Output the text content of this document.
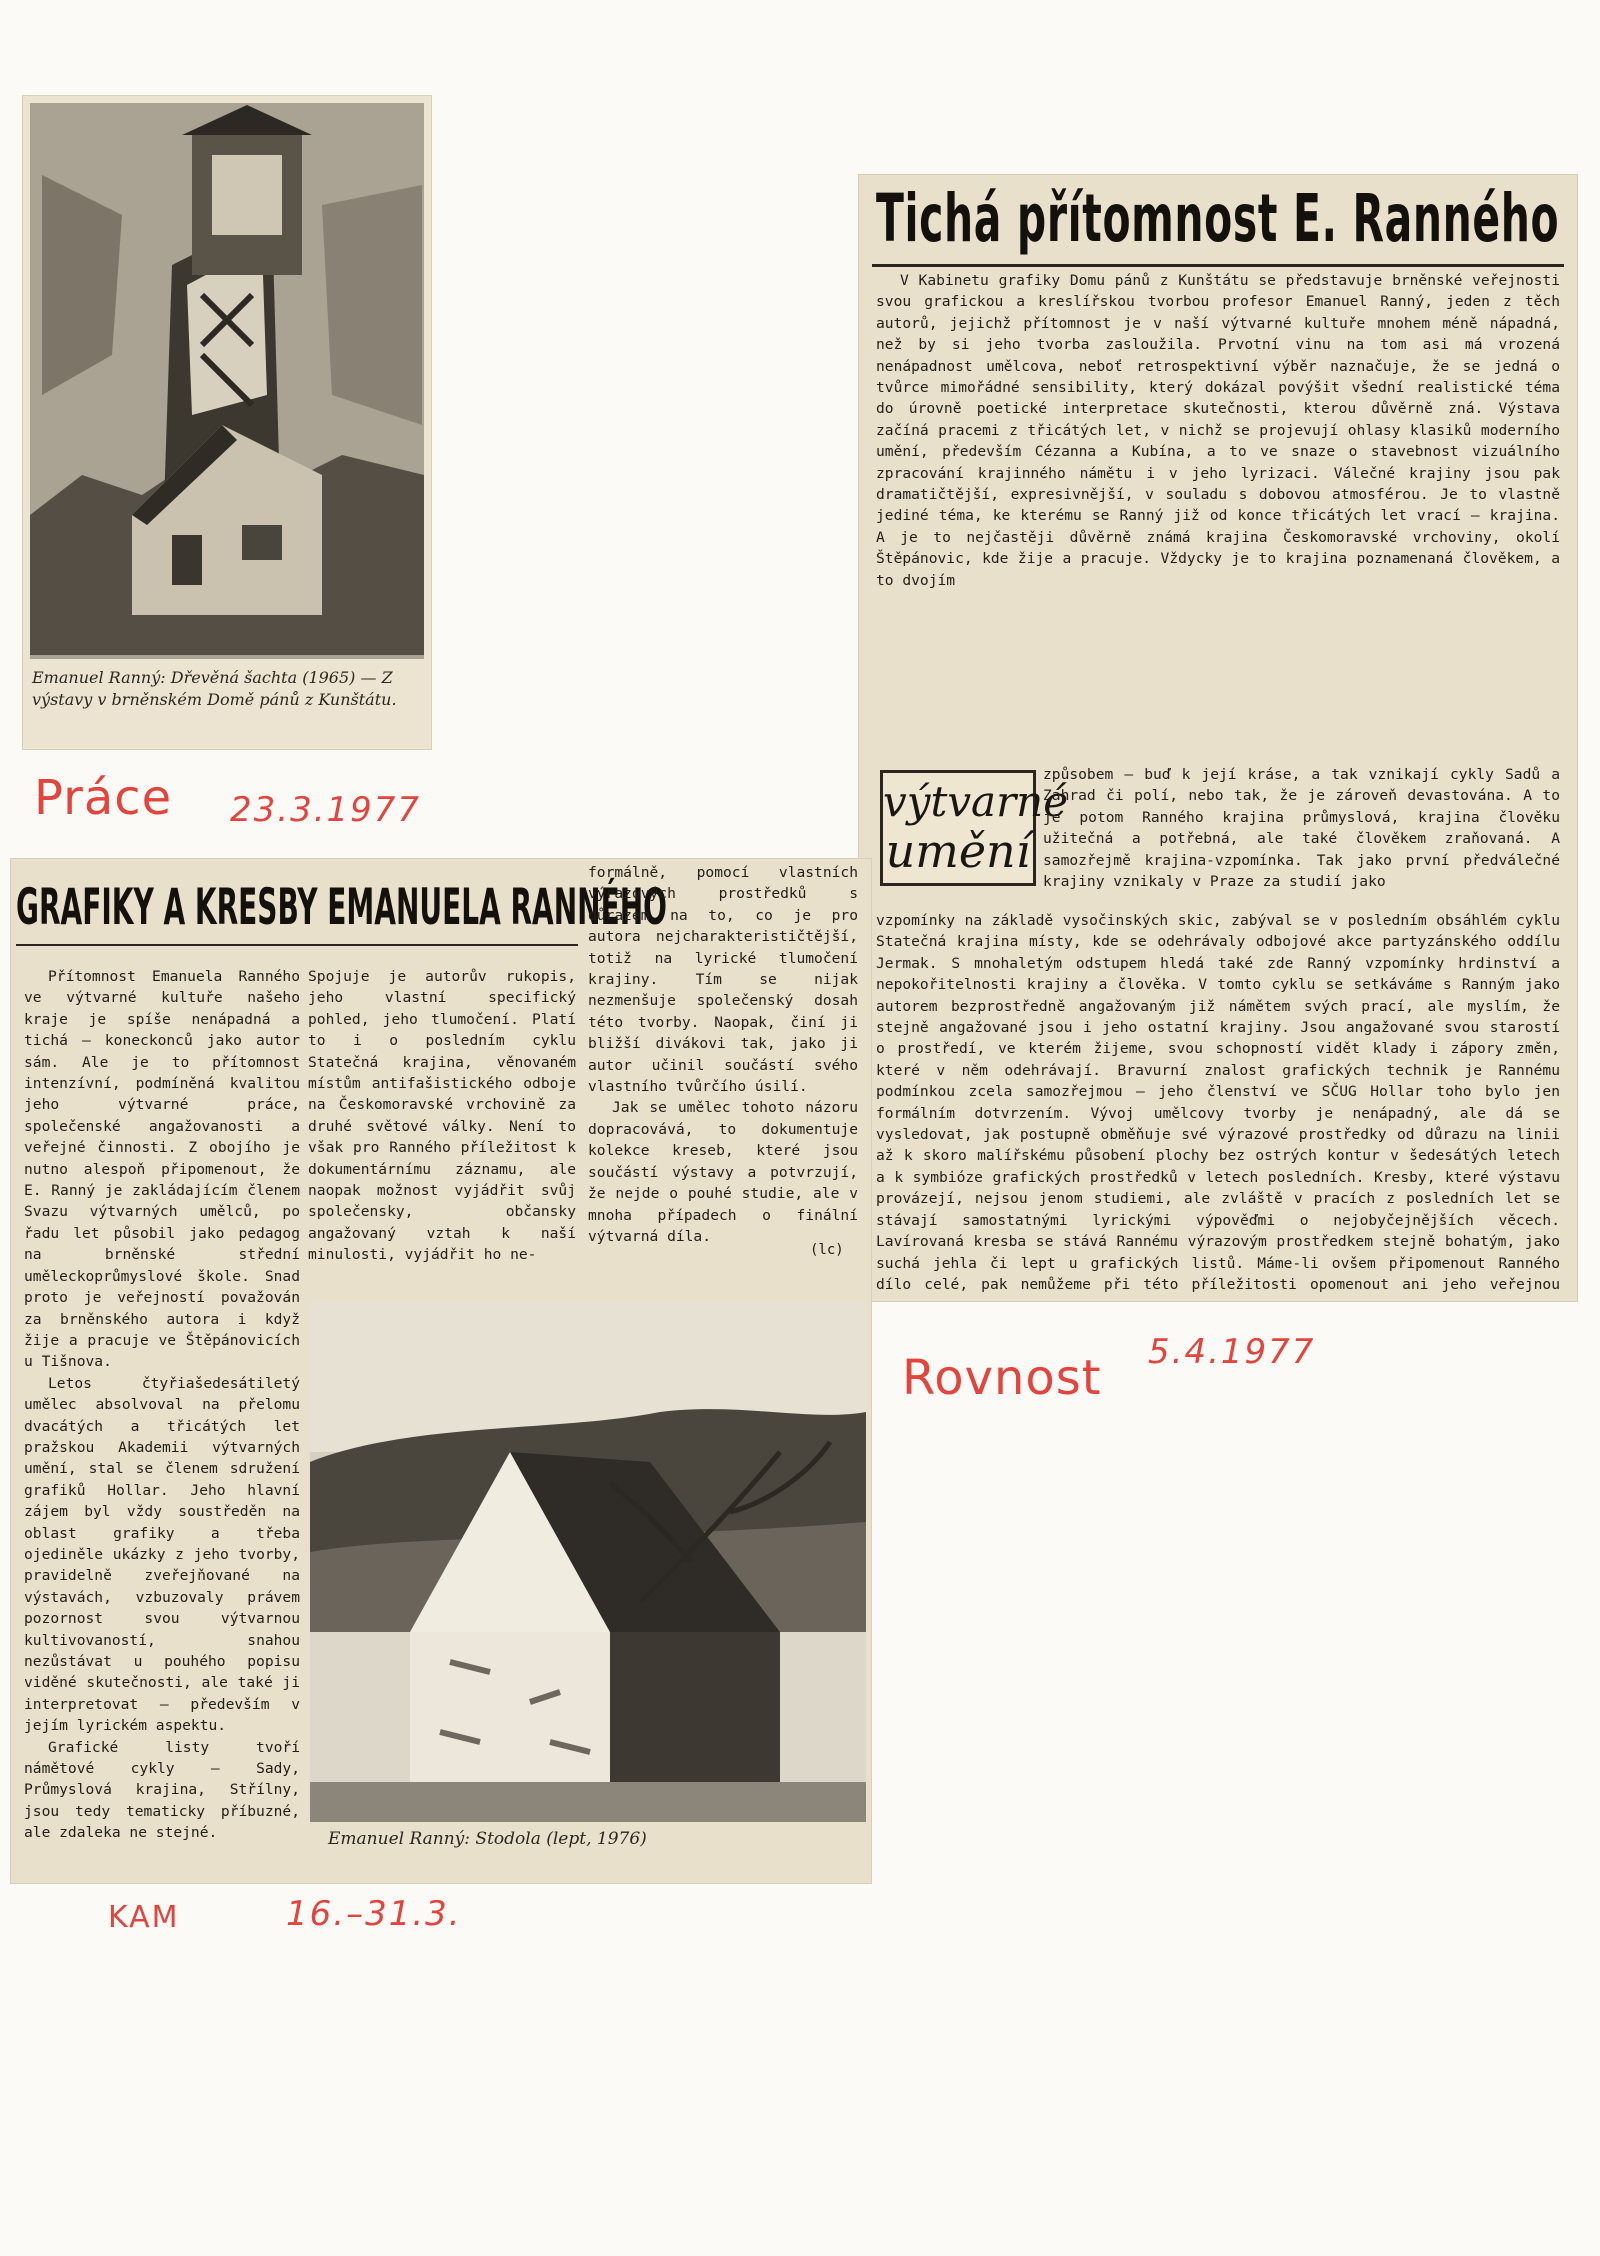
Emanuel Ranný: Dřevěná šachta (1965) — Z výstavy v brněnském Domě pánů z Kunštátu.
Práce 23.3.1977
Tichá přítomnost E. Ranného
V Kabinetu grafiky Domu pánů z Kunštátu se představuje brněnské veřejnosti svou grafickou a kreslířskou tvorbou profesor Emanuel Ranný, jeden z těch autorů, jejichž přítomnost je v naší výtvarné kultuře mnohem méně nápadná, než by si jeho tvorba zasloužila. Prvotní vinu na tom asi má vrozená nenápadnost umělcova, neboť retrospektivní výběr naznačuje, že se jedná o tvůrce mimořádné sensibility, který dokázal povýšit všední realistické téma do úrovně poetické interpretace skutečnosti, kterou důvěrně zná. Výstava začíná pracemi z třicátých let, v nichž se projevují ohlasy klasiků moderního umění, především Cézanna a Kubína, a to ve snaze o stavebnost vizuálního zpracování krajinného námětu i v jeho lyrizaci. Válečné krajiny jsou pak dramatičtější, expresivnější, v souladu s dobovou atmosférou. Je to vlastně jediné téma, ke kterému se Ranný již od konce třicátých let vrací — krajina. A je to nejčastěji důvěrně známá krajina Českomoravské vrchoviny, okolí Štěpánovic, kde žije a pracuje. Vždycky je to krajina poznamenaná člověkem, a to dvojím
výtvarné
umění
způsobem — buď k její kráse, a tak vznikají cykly Sadů a Zahrad či polí, nebo tak, že je zároveň devastována. A to je potom Ranného krajina průmyslová, krajina člověku užitečná a potřebná, ale také člověkem zraňovaná. A samozřejmě krajina-vzpomínka. Tak jako první předválečné krajiny vznikaly v Praze za studií jako
vzpomínky na základě vysočinských skic, zabýval se v posledním obsáhlém cyklu Statečná krajina místy, kde se odehrávaly odbojové akce partyzánského oddílu Jermak. S mnohaletým odstupem hledá také zde Ranný vzpomínky hrdinství a nepokořitelnosti krajiny a člověka. V tomto cyklu se setkáváme s Ranným jako autorem bezprostředně angažovaným již námětem svých prací, ale myslím, že stejně angažované jsou i jeho ostatní krajiny. Jsou angažované svou starostí o prostředí, ve kterém žijeme, svou schopností vidět klady i zápory změn, které v něm odehrávají. Bravurní znalost grafických technik je Rannému podmínkou zcela samozřejmou — jeho členství ve SČUG Hollar toho bylo jen formálním dotvrzením. Vývoj umělcovy tvorby je nenápadný, ale dá se vysledovat, jak postupně obměňuje své výrazové prostředky od důrazu na linii až k skoro malířskému působení plochy bez ostrých kontur v šedesátých letech a k symbióze grafických prostředků v letech posledních. Kresby, které výstavu provázejí, nejsou jenom studiemi, ale zvláště v pracích z posledních let se stávají samostatnými lyrickými výpověďmi o nejobyčejnějších věcech. Lavírovaná kresba se stává Rannému výrazovým prostředkem stejně bohatým, jako suchá jehla či lept u grafických listů. Máme-li ovšem připomenout Ranného dílo celé, pak nemůžeme při této příležitosti opomenout ani jeho veřejnou
Rovnost 5.4.1977
GRAFIKY A KRESBY EMANUELA RANNÉHO

Přítomnost Emanuela Ranného ve výtvarné kultuře našeho kraje je spíše nenápadná a tichá — koneckonců jako autor sám. Ale je to přítomnost intenzívní, podmíněná kvalitou jeho výtvarné práce, společenské angažovanosti a veřejné činnosti. Z obojího je nutno alespoň připomenout, že E. Ranný je zakládajícím členem Svazu výtvarných umělců, po řadu let působil jako pedagog na brněnské střední uměleckoprůmyslové škole. Snad proto je veřejností považován za brněnského autora i když žije a pracuje ve Štěpánovicích u Tišnova.

Letos čtyřiašedesátiletý umělec absolvoval na přelomu dvacátých a třicátých let pražskou Akademii výtvarných umění, stal se členem sdružení grafiků Hollar. Jeho hlavní zájem byl vždy soustředěn na oblast grafiky a třeba ojediněle ukázky z jeho tvorby, pravidelně zveřejňované na výstavách, vzbuzovaly právem pozornost svou výtvarnou kultivovaností, snahou nezůstávat u pouhého popisu viděné skutečnosti, ale také ji interpretovat — především v jejím lyrickém aspektu.

Grafické listy tvoří námětové cykly — Sady, Průmyslová krajina, Střílny, jsou tedy tematicky příbuzné, ale zdaleka ne stejné.

Spojuje je autorův rukopis, jeho vlastní specifický pohled, jeho tlumočení. Platí to i o posledním cyklu Statečná krajina, věnovaném místům antifašistického odboje na Českomoravské vrchovině za druhé světové války. Není to však pro Ranného příležitost k dokumentárnímu záznamu, ale naopak možnost vyjádřit svůj společensky, občansky angažovaný vztah k naší minulosti, vyjádřit ho ne-

formálně, pomocí vlastních výrazových prostředků s důrazem na to, co je pro autora nejcharakterističtější, totiž na lyrické tlumočení krajiny. Tím se nijak nezmenšuje společenský dosah této tvorby. Naopak, činí ji bližší divákovi tak, jako ji autor učinil součástí svého vlastního tvůrčího úsilí.

Jak se umělec tohoto názoru dopracovává, to dokumentuje kolekce kreseb, které jsou součástí výstavy a potvrzují, že nejde o pouhé studie, ale v mnoha případech o finální výtvarná díla.

(lc)
Emanuel Ranný: Stodola (lept, 1976)
KAM	16.–31.3.
